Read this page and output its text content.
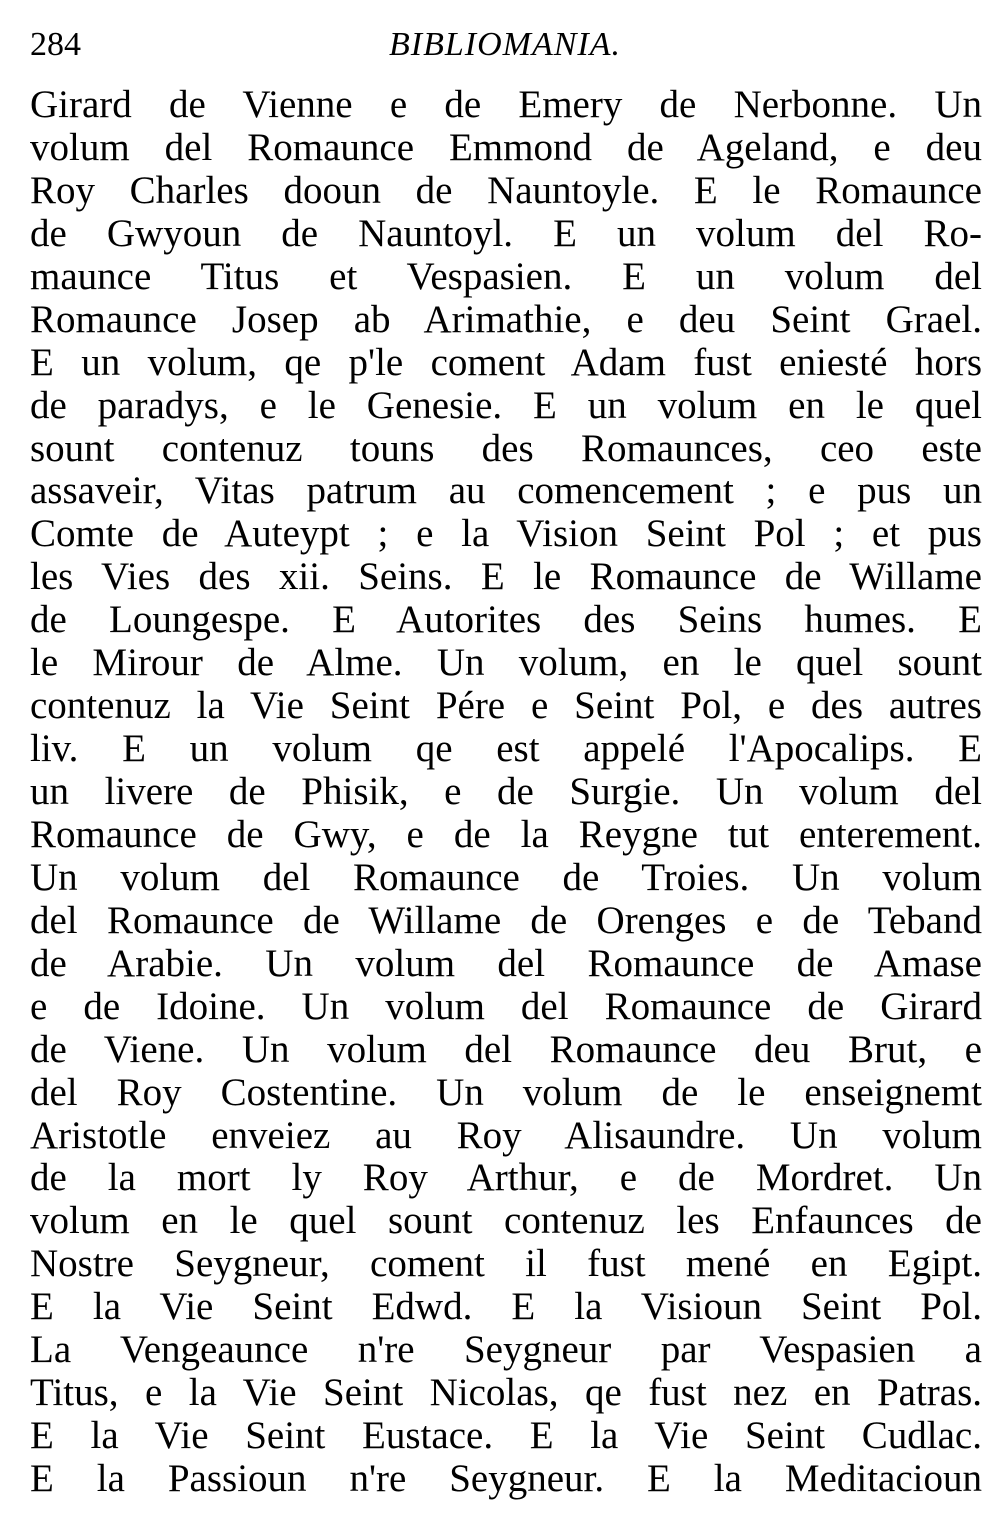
284	BIBLIOMANIA.
Girard de Vienne e de Emery de Nerbonne. Un
volum del Romaunce Emmond de Ageland, e deu
Roy Charles dooun de Nauntoyle. E le Romaunce
de Gwyoun de Nauntoyl. E un volum del Ro-
maunce Titus et Vespasien. E un volum del
Romaunce Josep ab Arimathie, e deu Seint Grael.
E un volum, qe p'le coment Adam fust eniesté hors
de paradys, e le Genesie. E un volum en le quel
sount contenuz touns des Romaunces, ceo este
assaveir, Vitas patrum au comencement ; e pus un
Comte de Auteypt ; e la Vision Seint Pol ; et pus
les Vies des xii. Seins. E le Romaunce de Willame
de Loungespe. E Autorites des Seins humes. E
le Mirour de Alme. Un volum, en le quel sount
contenuz la Vie Seint Pére e Seint Pol, e des autres
liv. E un volum qe est appelé l'Apocalips. E
un livere de Phisik, e de Surgie. Un volum del
Romaunce de Gwy, e de la Reygne tut enterement.
Un volum del Romaunce de Troies. Un volum
del Romaunce de Willame de Orenges e de Teband
de Arabie. Un volum del Romaunce de Amase
e de Idoine. Un volum del Romaunce de Girard
de Viene. Un volum del Romaunce deu Brut, e
del Roy Costentine. Un volum de le enseignemt
Aristotle enveiez au Roy Alisaundre. Un volum
de la mort ly Roy Arthur, e de Mordret. Un
volum en le quel sount contenuz les Enfaunces de
Nostre Seygneur, coment il fust mené en Egipt.
E la Vie Seint Edwd. E la Visioun Seint Pol.
La Vengeaunce n're Seygneur par Vespasien a
Titus, e la Vie Seint Nicolas, qe fust nez en Patras.
E la Vie Seint Eustace. E la Vie Seint Cudlac.
E la Passioun n're Seygneur. E la Meditacioun
